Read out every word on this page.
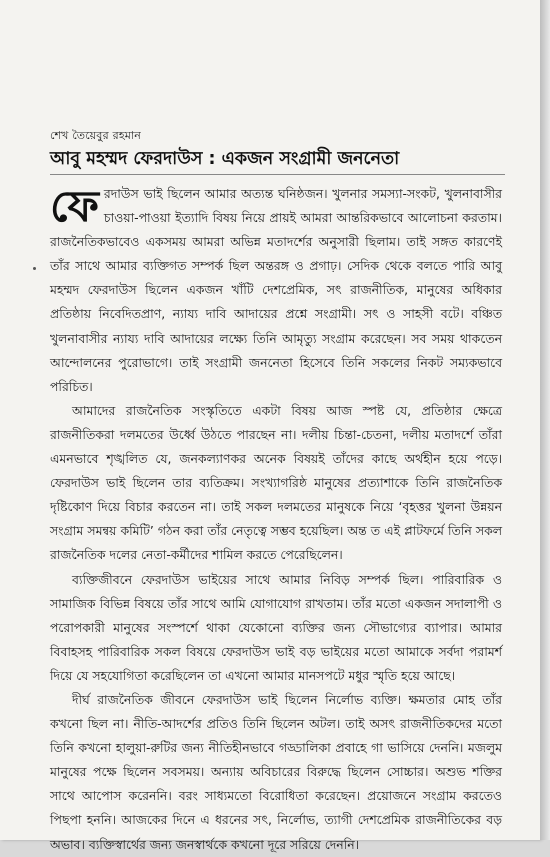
শেখ তৈয়েবুর রহমান
আবু মহম্মদ ফেরদাউস : একজন সংগ্রামী জননেতা

ফেরদাউস ভাই ছিলেন আমার অত্যন্ত ঘনিষ্ঠজন। খুলনার সমস্যা-সংকট, খুলনাবাসীর চাওয়া-পাওয়া ইত্যাদি বিষয় নিয়ে প্রায়ই আমরা আন্তরিকভাবে আলোচনা করতাম। রাজনৈতিকভাবেও একসময় আমরা অভিন্ন মতাদর্শের অনুসারী ছিলাম। তাই সঙ্গত কারণেই তাঁর সাথে আমার ব্যক্তিগত সম্পর্ক ছিল অন্তরঙ্গ ও প্রগাঢ়। সেদিক থেকে বলতে পারি আবু মহম্মদ ফেরদাউস ছিলেন একজন খাঁটি দেশপ্রেমিক, সৎ রাজনীতিক, মানুষের অধিকার প্রতিষ্ঠায় নিবেদিতপ্রাণ, ন্যায্য দাবি আদায়ের প্রশ্নে সংগ্রামী। সৎ ও সাহসী বটে। বঞ্চিত খুলনাবাসীর ন্যায্য দাবি আদায়ের লক্ষ্যে তিনি আমৃত্যু সংগ্রাম করেছেন। সব সময় থাকতেন আন্দোলনের পুরোভাগে। তাই সংগ্রামী জননেতা হিসেবে তিনি সকলের নিকট সম্যকভাবে পরিচিত।

আমাদের রাজনৈতিক সংস্কৃতিতে একটা বিষয় আজ স্পষ্ট যে, প্রতিষ্ঠার ক্ষেত্রে রাজনীতিকরা দলমতের উর্ধ্বে উঠতে পারছেন না। দলীয় চিন্তা-চেতনা, দলীয় মতাদর্শে তাঁরা এমনভাবে শৃঙ্খলিত যে, জনকল্যাণকর অনেক বিষয়ই তাঁদের কাছে অর্থহীন হয়ে পড়ে। ফেরদাউস ভাই ছিলেন তার ব্যতিক্রম। সংখ্যাগরিষ্ঠ মানুষের প্রত্যাশাকে তিনি রাজনৈতিক দৃষ্টিকোণ দিয়ে বিচার করতেন না। তাই সকল দলমতের মানুষকে নিয়ে ‘বৃহত্তর খুলনা উন্নয়ন সংগ্রাম সমন্বয় কমিটি’ গঠন করা তাঁর নেতৃত্বে সম্ভব হয়েছিল। অন্ত ত এই প্লাটফর্মে তিনি সকল রাজনৈতিক দলের নেতা-কর্মীদের শামিল করতে পেরেছিলেন।

ব্যক্তিজীবনে ফেরদাউস ভাইয়ের সাথে আমার নিবিড় সম্পর্ক ছিল। পারিবারিক ও সামাজিক বিভিন্ন বিষয়ে তাঁর সাথে আমি যোগাযোগ রাখতাম। তাঁর মতো একজন সদালাপী ও পরোপকারী মানুষের সংস্পর্শে থাকা যেকোনো ব্যক্তির জন্য সৌভাগ্যের ব্যাপার। আমার বিবাহসহ পারিবারিক সকল বিষয়ে ফেরদাউস ভাই বড় ভাইয়ের মতো আমাকে সর্বদা পরামর্শ দিয়ে যে সহযোগিতা করেছিলেন তা এখনো আমার মানসপটে মধুর স্মৃতি হয়ে আছে।

দীর্ঘ রাজনৈতিক জীবনে ফেরদাউস ভাই ছিলেন নির্লোভ ব্যক্তি। ক্ষমতার মোহ তাঁর কখনো ছিল না। নীতি-আদর্শের প্রতিও তিনি ছিলেন অটল। তাই অসৎ রাজনীতিকদের মতো তিনি কখনো হালুয়া-রুটির জন্য নীতিহীনভাবে গড্ডালিকা প্রবাহে গা ভাসিয়ে দেননি। মজলুম মানুষের পক্ষে ছিলেন সবসময়। অন্যায় অবিচারের বিরুদ্ধে ছিলেন সোচ্চার। অশুভ শক্তির সাথে আপোস করেননি। বরং সাধ্যমতো বিরোধিতা করেছেন। প্রয়োজনে সংগ্রাম করতেও পিছপা হননি। আজকের দিনে এ ধরনের সৎ, নির্লোভ, ত্যাগী দেশপ্রেমিক রাজনীতিকের বড় অভাব। ব্যক্তিস্বার্থের জন্য জনস্বার্থকে কখনো দূরে সরিয়ে দেননি।
